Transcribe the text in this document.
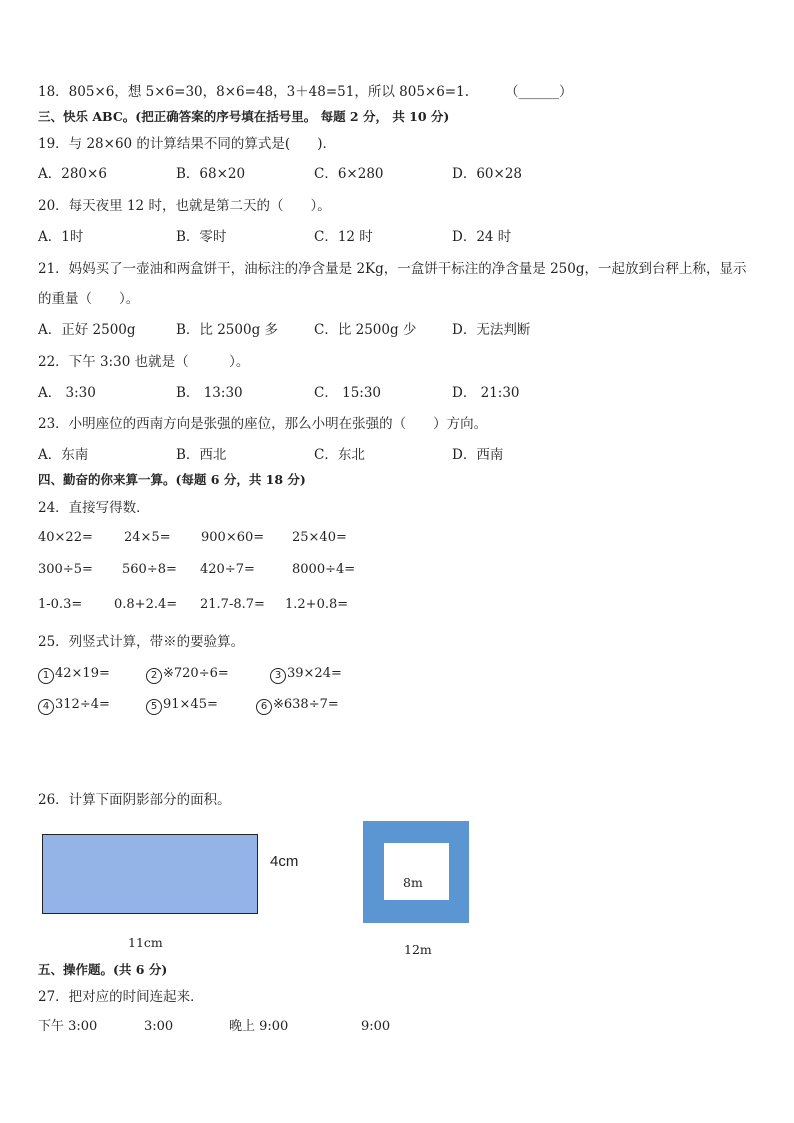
18．805×6，想 5×6=30，8×6=48，3＋48=51，所以 805×6=1.	（______）
三、快乐 ABC。(把正确答案的序号填在括号里。 每题 2 分， 共 10 分)
19．与 28×60 的计算结果不同的算式是(　　)．
A．280×6	B．68×20	C．6×280	D．60×28
20．每天夜里 12 时，也就是第二天的（　　）。
A．1时	B．零时	C．12 时	D．24 时
21．妈妈买了一壶油和两盒饼干，油标注的净含量是 2Kg，一盒饼干标注的净含量是 250g，一起放到台秤上称，显示
的重量（　　）。
A．正好 2500g	B．比 2500g 多	C．比 2500g 少	D．无法判断
22．下午 3:30 也就是（　　　）。
A． 3:30	B． 13:30	C． 15:30	D． 21:30
23．小明座位的西南方向是张强的座位，那么小明在张强的（　　）方向。
A．东南	B．西北	C．东北	D．西南
四、勤奋的你来算一算。(每题 6 分，共 18 分)
24．直接写得数．
40×22= 24×5= 900×60= 25×40=
300÷5= 560÷8= 420÷7=	8000÷4=
1-0.3= 0.8+2.4= 21.7-8.7= 1.2+0.8=
25．列竖式计算，带※的要验算。
1 42×19=	2 ※720÷6=	3 39×24=
4 312÷4=	5 91×45=	6 ※638÷7=
26．计算下面阴影部分的面积。
4cm
11cm
8m
12m
五、操作题。(共 6 分)
27．把对应的时间连起来．
下午 3:00	3:00	晚上 9:00	9:00
